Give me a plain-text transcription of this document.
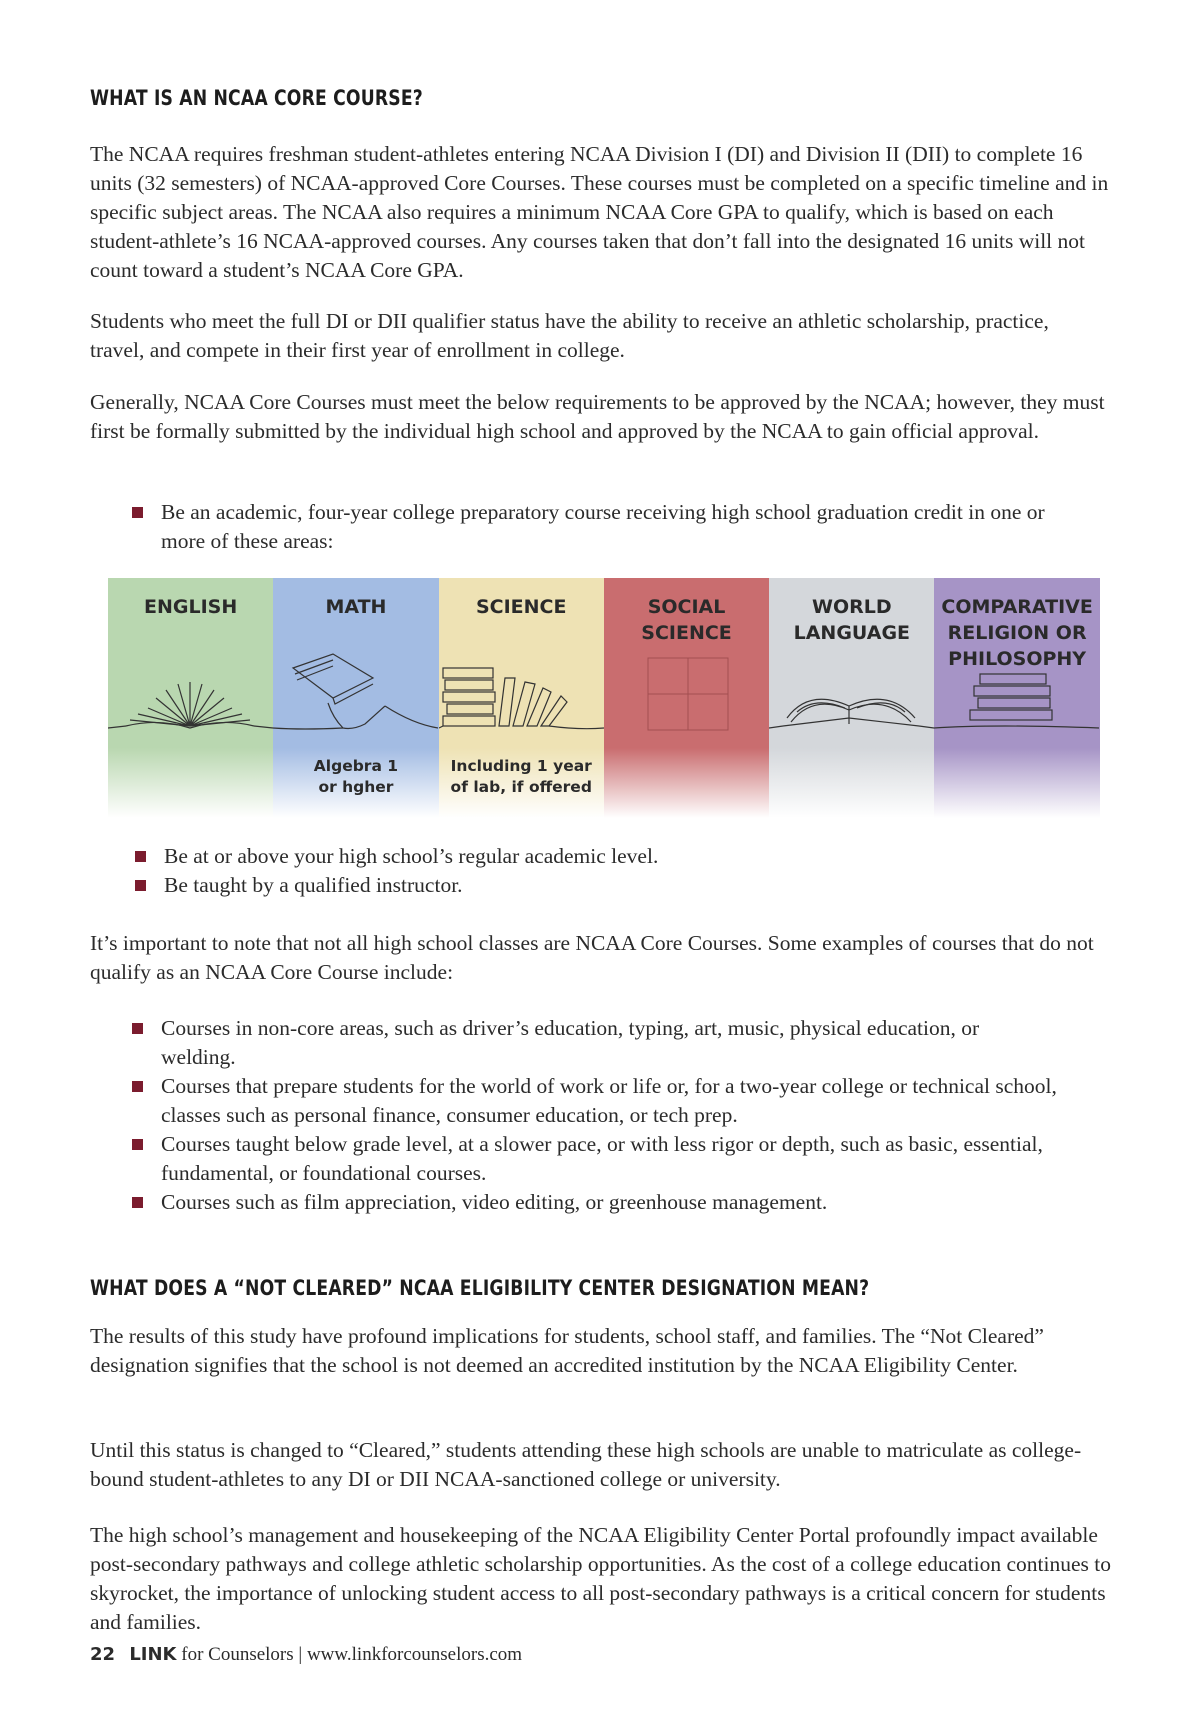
WHAT IS AN NCAA CORE COURSE?

The NCAA requires freshman student-athletes entering NCAA Division I (DI) and Division II (DII) to complete 16 units (32 semesters) of NCAA-approved Core Courses. These courses must be completed on a specific timeline and in specific subject areas. The NCAA also requires a minimum NCAA Core GPA to qualify, which is based on each student-athlete’s 16 NCAA-approved courses. Any courses taken that don’t fall into the designated 16 units will not count toward a student’s NCAA Core GPA.

Students who meet the full DI or DII qualifier status have the ability to receive an athletic scholarship, practice, travel, and compete in their first year of enrollment in college.

Generally, NCAA Core Courses must meet the below requirements to be approved by the NCAA; however, they must first be formally submitted by the individual high school and approved by the NCAA to gain official approval.

Be an academic, four-year college preparatory course receiving high school graduation credit in one or more of these areas:
ENGLISH	MATH
Algebra 1 or hgher
SCIENCE
Including 1 year of lab, if offered
SOCIAL SCIENCE
WORLD LANGUAGE
COMPARATIVE RELIGION OR PHILOSOPHY
Be at or above your high school’s regular academic level.
Be taught by a qualified instructor.

It’s important to note that not all high school classes are NCAA Core Courses. Some examples of courses that do not qualify as an NCAA Core Course include:

Courses in non-core areas, such as driver’s education, typing, art, music, physical education, or welding.
Courses that prepare students for the world of work or life or, for a two-year college or technical school, classes such as personal finance, consumer education, or tech prep.
Courses taught below grade level, at a slower pace, or with less rigor or depth, such as basic, essential, fundamental, or foundational courses.
Courses such as film appreciation, video editing, or greenhouse management.
WHAT DOES A “NOT CLEARED” NCAA ELIGIBILITY CENTER DESIGNATION MEAN?

The results of this study have profound implications for students, school staff, and families. The “Not Cleared” designation signifies that the school is not deemed an accredited institution by the NCAA Eligibility Center.

Until this status is changed to “Cleared,” students attending these high schools are unable to matriculate as college-bound student-athletes to any DI or DII NCAA-sanctioned college or university.

The high school’s management and housekeeping of the NCAA Eligibility Center Portal profoundly impact available post-secondary pathways and college athletic scholarship opportunities. As the cost of a college education continues to skyrocket, the importance of unlocking student access to all post-secondary pathways is a critical concern for students and families.

22 LINK for Counselors | www.linkforcounselors.com
